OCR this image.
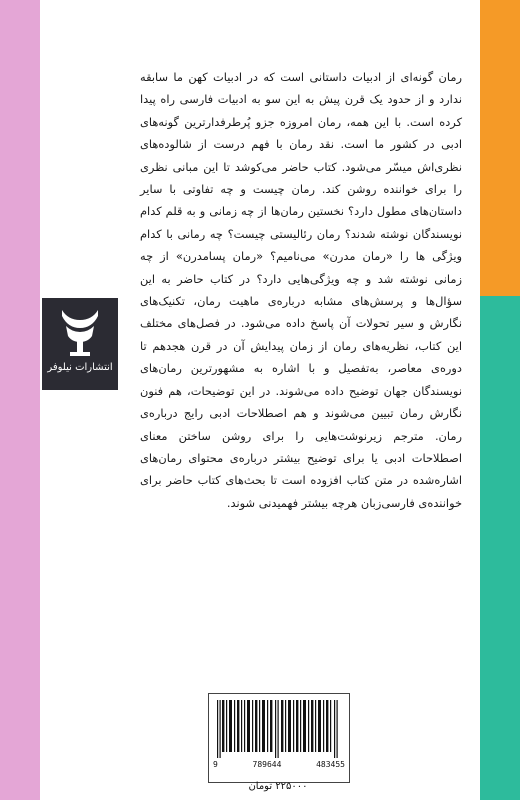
انتشارات نیلوفر

رمان گونه‌ای از ادبیات داستانی است که در ادبیات کهن ما سابقه ندارد و از حدود یک قرن پیش به این سو به ادبیات فارسی راه پیدا کرده است. با این همه، رمان امروزه جزو پُرطرفدارترین گونه‌های ادبی در کشور ما است. نقد رمان با فهم درست از شالوده‌های نظری‌اش میسّر می‌شود. کتاب حاضر می‌کوشد تا این مبانی نظری را برای خواننده روشن کند. رمان چیست و چه تفاوتی با سایر داستان‌های مطول دارد؟ نخستین رمان‌ها از چه زمانی و به قلم کدام نویسندگان نوشته شدند؟ رمان رئالیستی چیست؟ چه رمانی با کدام ویژگی ها را «رمان مدرن» می‌نامیم؟ «رمان پسامدرن» از چه زمانی نوشته شد و چه ویژگی‌هایی دارد؟ در کتاب حاضر به این سؤال‌ها و پرسش‌های مشابه درباره‌ی ماهیت رمان، تکنیک‌های نگارش و سیر تحولات آن پاسخ داده می‌شود. در فصل‌های مختلف این کتاب، نظریه‌های رمان از زمان پیدایش آن در قرن هجدهم تا دوره‌ی معاصر، به‌تفصیل و با اشاره به مشهورترین رمان‌های نویسندگان جهان توضیح داده می‌شوند. در این توضیحات، هم فنون نگارش رمان تبیین می‌شوند و هم اصطلاحات ادبی رایج درباره‌ی رمان. مترجم زیرنوشت‌هایی را برای روشن ساختن معنای اصطلاحات ادبی یا برای توضیح بیشتر درباره‌ی محتوای رمان‌های اشاره‌شده در متن کتاب افزوده است تا بحث‌های کتاب حاضر برای خواننده‌ی فارسی‌زبان هرچه بیشتر فهمیدنی شوند.

9	789644	483455
۲۲۵۰۰۰ تومان
